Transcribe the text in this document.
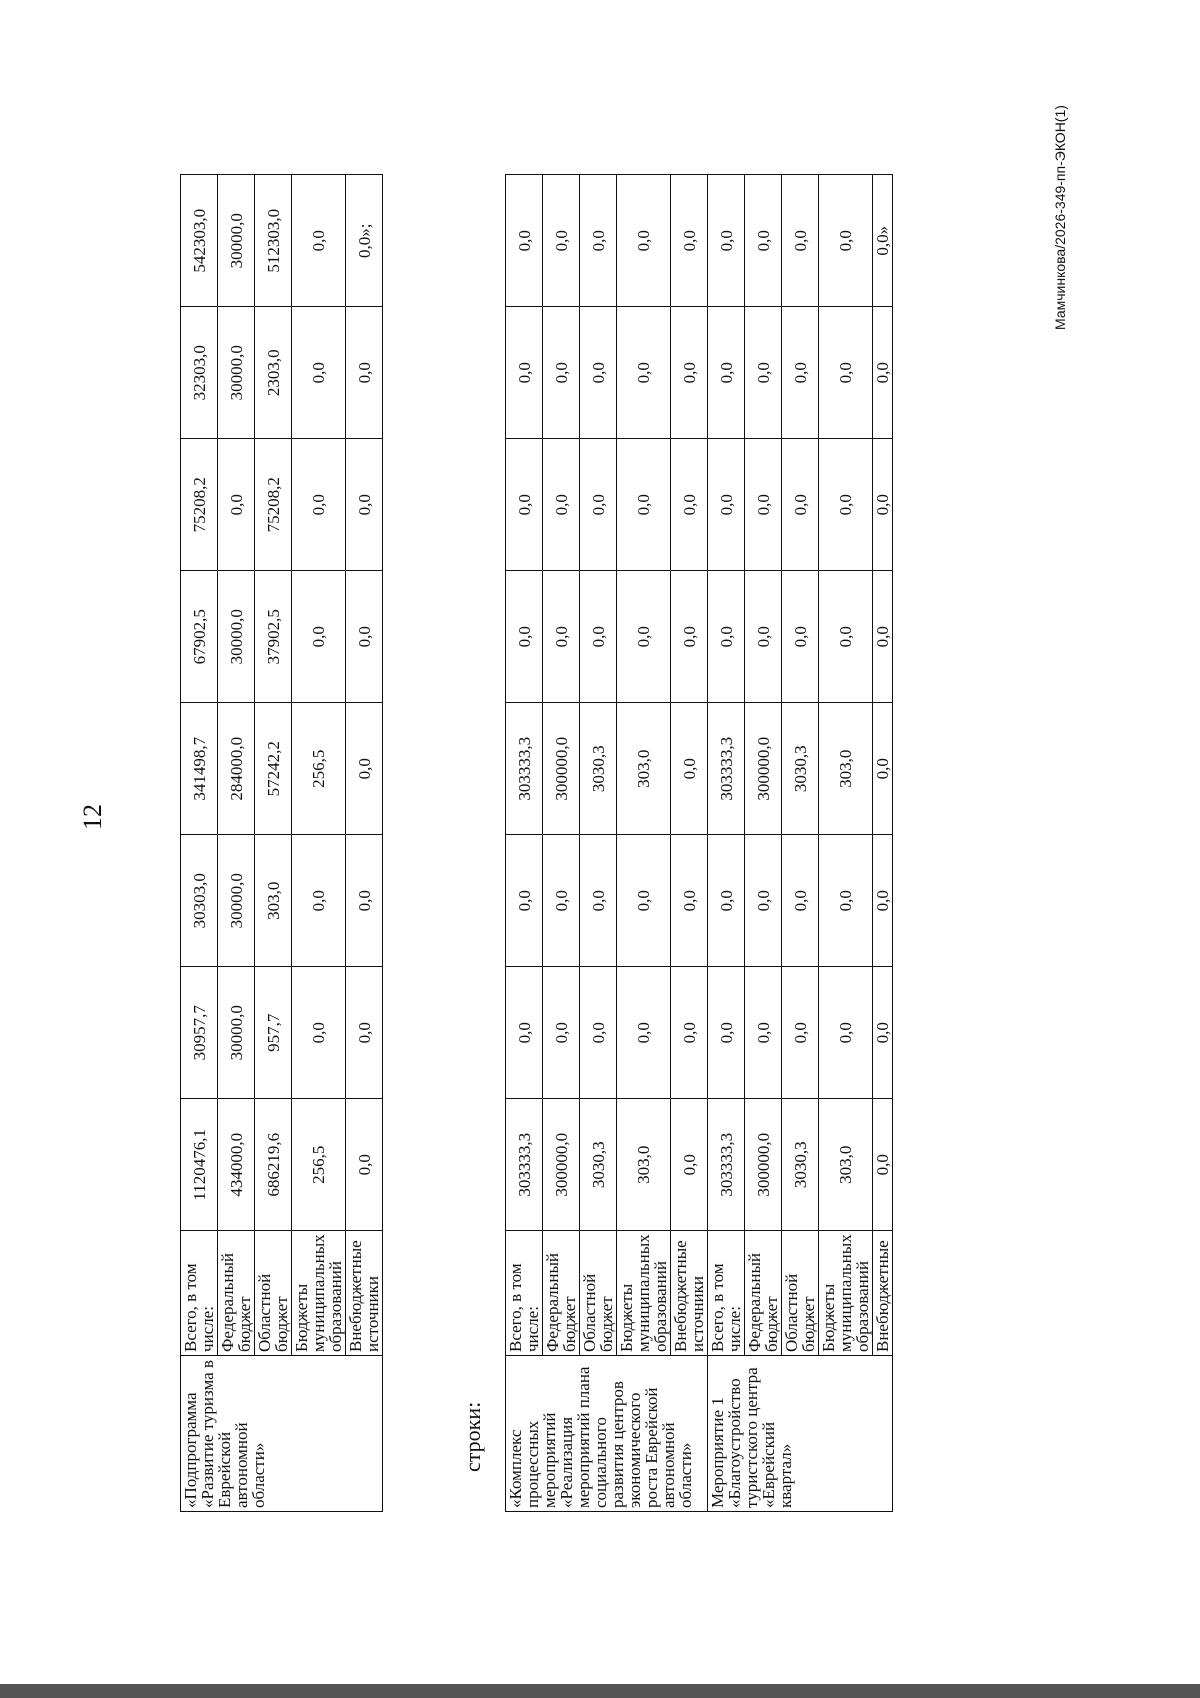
12
«Подпрограмма «Развитие туризма в Еврейской автономной области»	Всего, в том числе:	1120476,1	30957,7	30303,0	341498,7	67902,5	75208,2	32303,0	542303,0
	Федеральный бюджет	434000,0	30000,0	30000,0	284000,0	30000,0	0,0	30000,0	30000,0
	Областной бюджет	686219,6	957,7	303,0	57242,2	37902,5	75208,2	2303,0	512303,0
	Бюджеты муниципальных образований	256,5	0,0	0,0	256,5	0,0	0,0	0,0	0,0
	Внебюджетные источники	0,0	0,0	0,0	0,0	0,0	0,0	0,0	0,0»;
строки: «Комплекс процессных мероприятий «Реализация мероприятий плана социального развития центров экономического роста Еврейской автономной области»	Всего, в том числе:	303333,3	0,0	0,0	303333,3	0,0	0,0	0,0	0,0
	Федеральный бюджет	300000,0	0,0	0,0	300000,0	0,0	0,0	0,0	0,0
	Областной бюджет	3030,3	0,0	0,0	3030,3	0,0	0,0	0,0	0,0
	Бюджеты муниципальных образований	303,0	0,0	0,0	303,0	0,0	0,0	0,0	0,0
	Внебюджетные источники	0,0	0,0	0,0	0,0	0,0	0,0	0,0	0,0
Мероприятие 1 «Благоустройство туристского центра «Еврейский квартал»	Всего, в том числе:	303333,3	0,0	0,0	303333,3	0,0	0,0	0,0	0,0
	Федеральный бюджет	300000,0	0,0	0,0	300000,0	0,0	0,0	0,0	0,0
	Областной бюджет	3030,3	0,0	0,0	3030,3	0,0	0,0	0,0	0,0
	Бюджеты муниципальных образований	303,0	0,0	0,0	303,0	0,0	0,0	0,0	0,0
	Внебюджетные	0,0	0,0	0,0	0,0	0,0	0,0	0,0	0,0»	Мамчинкова/2026-349-пп-ЭКОН(1)
